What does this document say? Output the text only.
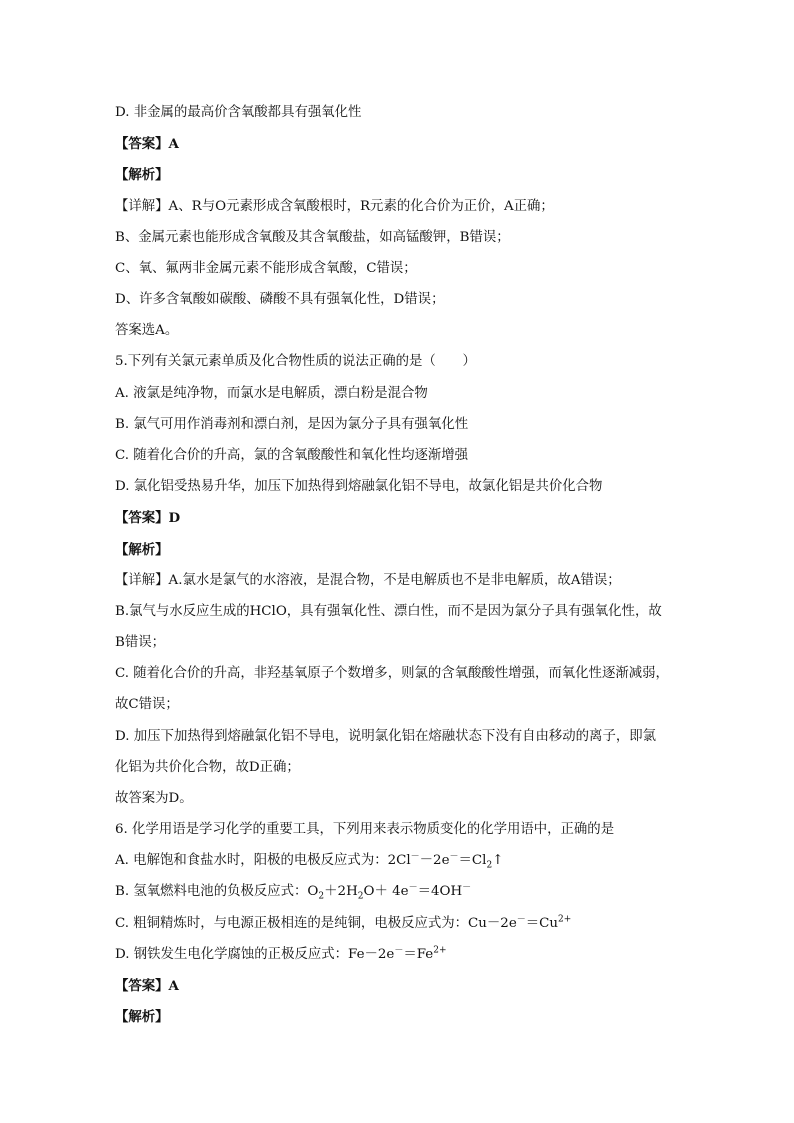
D. 非金属的最高价含氧酸都具有强氧化性
【答案】A
【解析】
【详解】A、R与O元素形成含氧酸根时，R元素的化合价为正价，A正确；
B、金属元素也能形成含氧酸及其含氧酸盐，如高锰酸钾，B错误；
C、氧、氟两非金属元素不能形成含氧酸，C错误；
D、许多含氧酸如碳酸、磷酸不具有强氧化性，D错误；
答案选A。
5.下列有关氯元素单质及化合物性质的说法正确的是（　　）
A. 液氯是纯净物，而氯水是电解质，漂白粉是混合物
B. 氯气可用作消毒剂和漂白剂，是因为氯分子具有强氧化性
C. 随着化合价的升高，氯的含氧酸酸性和氧化性均逐渐增强
D. 氯化铝受热易升华，加压下加热得到熔融氯化铝不导电，故氯化铝是共价化合物
【答案】D
【解析】
【详解】A.氯水是氯气的水溶液，是混合物，不是电解质也不是非电解质，故A错误；
B.氯气与水反应生成的HClO，具有强氧化性、漂白性，而不是因为氯分子具有强氧化性，故
B错误；
C. 随着化合价的升高，非羟基氧原子个数增多，则氯的含氧酸酸性增强，而氧化性逐渐减弱，
故C错误；
D. 加压下加热得到熔融氯化铝不导电，说明氯化铝在熔融状态下没有自由移动的离子，即氯
化铝为共价化合物，故D正确；
故答案为D。
6. 化学用语是学习化学的重要工具，下列用来表示物质变化的化学用语中，正确的是
A. 电解饱和食盐水时，阳极的电极反应式为：$2Cl^--2e^-=Cl_2↑$
B. 氢氧燃料电池的负极反应式：$O_2+2H_2O+ 4e^-=4OH^-$
C. 粗铜精炼时，与电源正极相连的是纯铜，电极反应式为：$Cu-2e^-=Cu^{2+}$
D. 钢铁发生电化学腐蚀的正极反应式：$Fe-2e^-=Fe^{2+}$
【答案】A
【解析】
